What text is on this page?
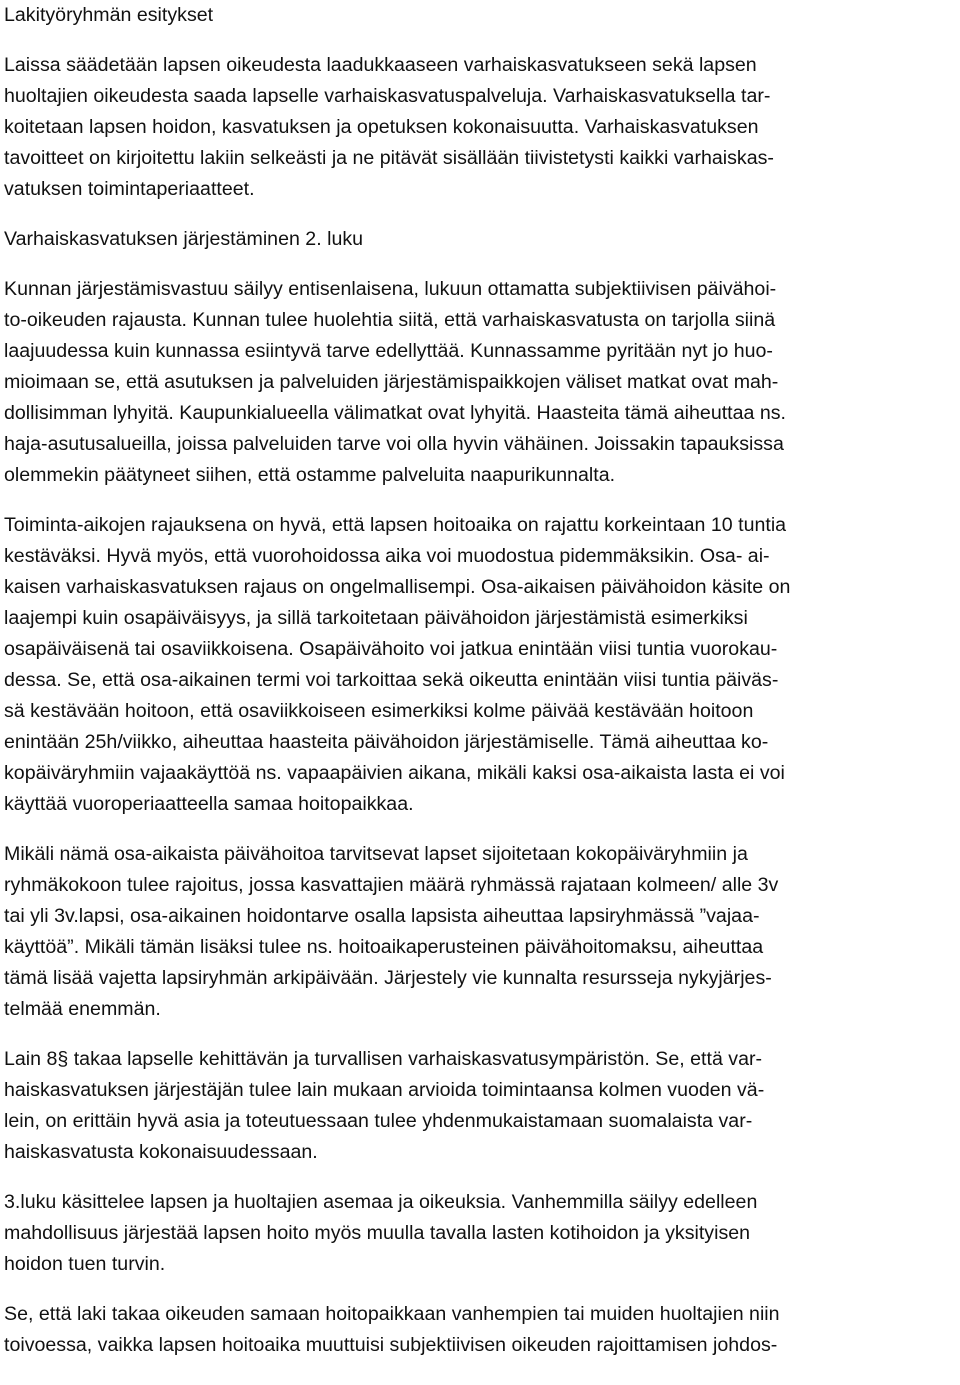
Lakityöryhmän esitykset
Laissa säädetään lapsen oikeudesta laadukkaaseen varhaiskasvatukseen sekä lapsen
huoltajien oikeudesta saada lapselle varhaiskasvatuspalveluja. Varhaiskasvatuksella tar-
koitetaan lapsen hoidon, kasvatuksen ja opetuksen kokonaisuutta. Varhaiskasvatuksen
tavoitteet on kirjoitettu lakiin selkeästi ja ne pitävät sisällään tiivistetysti kaikki varhaiskas-
vatuksen toimintaperiaatteet.
Varhaiskasvatuksen järjestäminen 2. luku
Kunnan järjestämisvastuu säilyy entisenlaisena, lukuun ottamatta subjektiivisen päivähoi-
to-oikeuden rajausta. Kunnan tulee huolehtia siitä, että varhaiskasvatusta on tarjolla siinä
laajuudessa kuin kunnassa esiintyvä tarve edellyttää. Kunnassamme pyritään nyt jo huo-
mioimaan se, että asutuksen ja palveluiden järjestämispaikkojen väliset matkat ovat mah-
dollisimman lyhyitä. Kaupunkialueella välimatkat ovat lyhyitä. Haasteita tämä aiheuttaa ns.
haja-asutusalueilla, joissa palveluiden tarve voi olla hyvin vähäinen. Joissakin tapauksissa
olemmekin päätyneet siihen, että ostamme palveluita naapurikunnalta.
Toiminta-aikojen rajauksena on hyvä, että lapsen hoitoaika on rajattu korkeintaan 10 tuntia
kestäväksi. Hyvä myös, että vuorohoidossa aika voi muodostua pidemmäksikin. Osa- ai-
kaisen varhaiskasvatuksen rajaus on ongelmallisempi. Osa-aikaisen päivähoidon käsite on
laajempi kuin osapäiväisyys, ja sillä tarkoitetaan päivähoidon järjestämistä esimerkiksi
osapäiväisenä tai osaviikkoisena. Osapäivähoito voi jatkua enintään viisi tuntia vuorokau-
dessa. Se, että osa-aikainen termi voi tarkoittaa sekä oikeutta enintään viisi tuntia päiväs-
sä kestävään hoitoon, että osaviikkoiseen esimerkiksi kolme päivää kestävään hoitoon
enintään 25h/viikko, aiheuttaa haasteita päivähoidon järjestämiselle. Tämä aiheuttaa ko-
kopäiväryhmiin vajaakäyttöä ns. vapaapäivien aikana, mikäli kaksi osa-aikaista lasta ei voi
käyttää vuoroperiaatteella samaa hoitopaikkaa.
Mikäli nämä osa-aikaista päivähoitoa tarvitsevat lapset sijoitetaan kokopäiväryhmiin ja
ryhmäkokoon tulee rajoitus, jossa kasvattajien määrä ryhmässä rajataan kolmeen/ alle 3v
tai yli 3v.lapsi, osa-aikainen hoidontarve osalla lapsista aiheuttaa lapsiryhmässä ”vajaa-
käyttöä”. Mikäli tämän lisäksi tulee ns. hoitoaikaperusteinen päivähoitomaksu, aiheuttaa
tämä lisää vajetta lapsiryhmän arkipäivään. Järjestely vie kunnalta resursseja nykyjärjes-
telmää enemmän.
Lain 8§ takaa lapselle kehittävän ja turvallisen varhaiskasvatusympäristön. Se, että var-
haiskasvatuksen järjestäjän tulee lain mukaan arvioida toimintaansa kolmen vuoden vä-
lein, on erittäin hyvä asia ja toteutuessaan tulee yhdenmukaistamaan suomalaista var-
haiskasvatusta kokonaisuudessaan.
3.luku käsittelee lapsen ja huoltajien asemaa ja oikeuksia. Vanhemmilla säilyy edelleen
mahdollisuus järjestää lapsen hoito myös muulla tavalla lasten kotihoidon ja yksityisen
hoidon tuen turvin.
Se, että laki takaa oikeuden samaan hoitopaikkaan vanhempien tai muiden huoltajien niin
toivoessa, vaikka lapsen hoitoaika muuttuisi subjektiivisen oikeuden rajoittamisen johdos-
